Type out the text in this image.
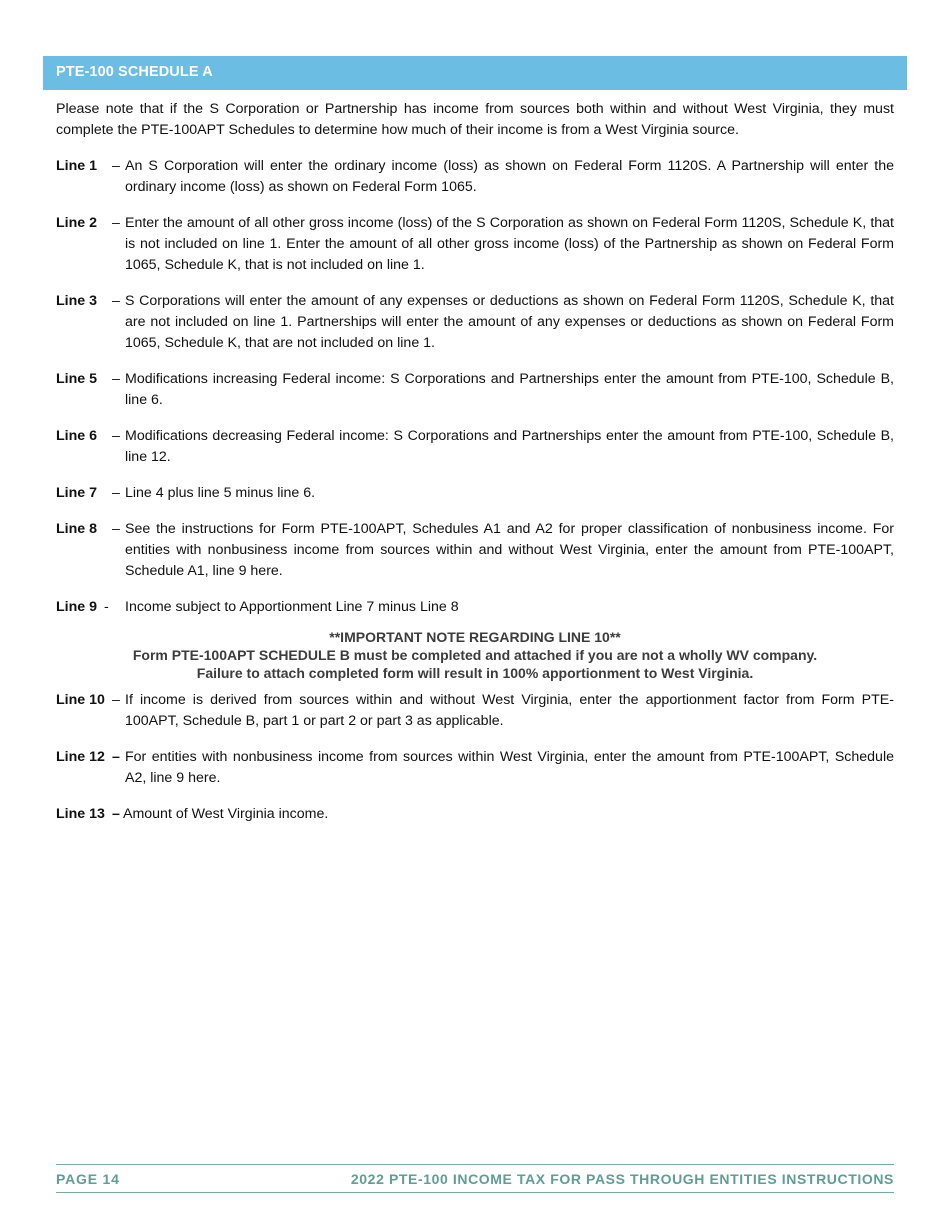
PTE-100 SCHEDULE A

Please note that if the S Corporation or Partnership has income from sources both within and without West Virginia, they must complete the PTE-100APT Schedules to determine how much of their income is from a West Virginia source.

Line 1	– An S Corporation will enter the ordinary income (loss) as shown on Federal Form 1120S. A Partnership will enter the ordinary income (loss) as shown on Federal Form 1065.
Line 2	– Enter the amount of all other gross income (loss) of the S Corporation as shown on Federal Form 1120S, Schedule K, that is not included on line 1. Enter the amount of all other gross income (loss) of the Partnership as shown on Federal Form 1065, Schedule K, that is not included on line 1.
Line 3	– S Corporations will enter the amount of any expenses or deductions as shown on Federal Form 1120S, Schedule K, that are not included on line 1. Partnerships will enter the amount of any expenses or deductions as shown on Federal Form 1065, Schedule K, that are not included on line 1.
Line 5	– Modifications increasing Federal income: S Corporations and Partnerships enter the amount from PTE-100, Schedule B, line 6.
Line 6	– Modifications decreasing Federal income: S Corporations and Partnerships enter the amount from PTE-100, Schedule B, line 12.
Line 7	– Line 4 plus line 5 minus line 6.
Line 8	– See the instructions for Form PTE-100APT, Schedules A1 and A2 for proper classification of nonbusiness income. For entities with nonbusiness income from sources within and without West Virginia, enter the amount from PTE-100APT, Schedule A1, line 9 here.
Line 9 -	Income subject to Apportionment Line 7 minus Line 8
**IMPORTANT NOTE REGARDING LINE 10**
Form PTE-100APT SCHEDULE B must be completed and attached if you are not a wholly WV company.
Failure to attach completed form will result in 100% apportionment to West Virginia.
Line 10 – If income is derived from sources within and without West Virginia, enter the apportionment factor from Form PTE-100APT, Schedule B, part 1 or part 2 or part 3 as applicable.
Line 12 – For entities with nonbusiness income from sources within West Virginia, enter the amount from PTE-100APT, Schedule A2, line 9 here.
Line 13 – Amount of West Virginia income.
PAGE 14	2022 PTE-100 INCOME TAX FOR PASS THROUGH ENTITIES INSTRUCTIONS
